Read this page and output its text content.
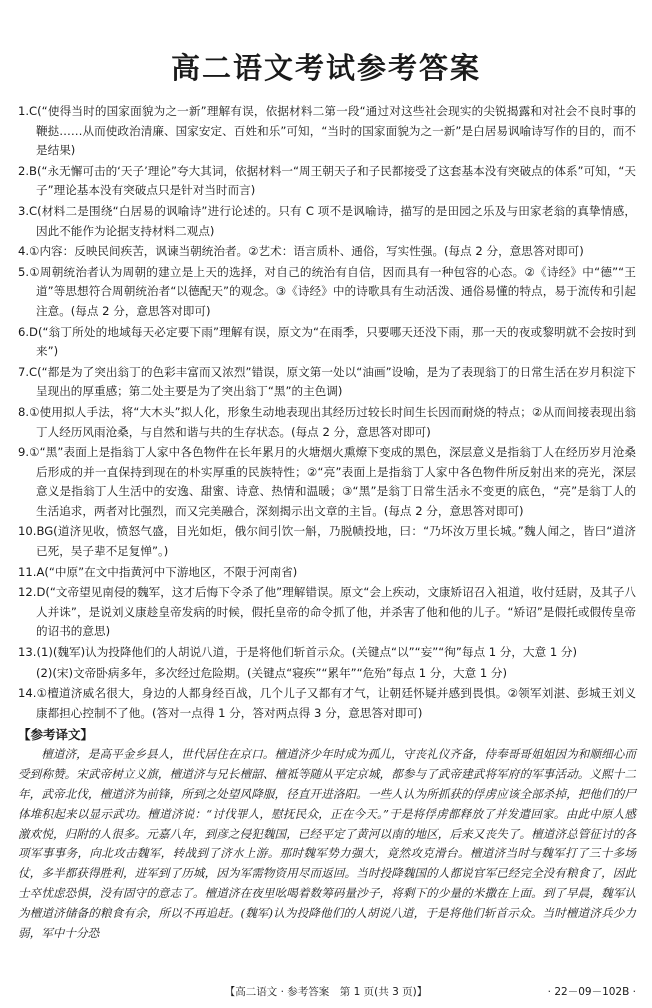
高二语文考试参考答案

1.C(“使得当时的国家面貌为之一新”理解有误，依据材料二第一段“通过对这些社会现实的尖锐揭露和对社会不良时事的鞭挞……从而使政治清廉、国家安定、百姓和乐”可知，“当时的国家面貌为之一新”是白居易讽喻诗写作的目的，而不是结果)

2.B(“永无懈可击的‘天子’理论”夸大其词，依据材料一“周王朝天子和子民都接受了这套基本没有突破点的体系”可知，“天子”理论基本没有突破点只是针对当时而言)

3.C(材料二是围绕“白居易的讽喻诗”进行论述的。只有 C 项不是讽喻诗，描写的是田园之乐及与田家老翁的真挚情感，因此不能作为论据支持材料二观点)

4.①内容：反映民间疾苦，讽谏当朝统治者。②艺术：语言质朴、通俗，写实性强。(每点 2 分，意思答对即可)

5.①周朝统治者认为周朝的建立是上天的选择，对自己的统治有自信，因而具有一种包容的心态。②《诗经》中“德”“王道”等思想符合周朝统治者“以德配天”的观念。③《诗经》中的诗歌具有生动活泼、通俗易懂的特点，易于流传和引起注意。(每点 2 分，意思答对即可)

6.D(“翁丁所处的地域每天必定要下雨”理解有误，原文为“在雨季，只要哪天还没下雨，那一天的夜或黎明就不会按时到来”)

7.C(“都是为了突出翁丁的色彩丰富而又浓烈”错误，原文第一处以“油画”设喻，是为了表现翁丁的日常生活在岁月积淀下呈现出的厚重感；第二处主要是为了突出翁丁“黑”的主色调)

8.①使用拟人手法，将“大木头”拟人化，形象生动地表现出其经历过较长时间生长因而耐烧的特点；②从而间接表现出翁丁人经历风雨沧桑，与自然和谐与共的生存状态。(每点 2 分，意思答对即可)

9.①“黑”表面上是指翁丁人家中各色物件在长年累月的火塘烟火熏燎下变成的黑色，深层意义是指翁丁人在经历岁月沧桑后形成的并一直保持到现在的朴实厚重的民族特性；②“亮”表面上是指翁丁人家中各色物件所反射出来的亮光，深层意义是指翁丁人生活中的安逸、甜蜜、诗意、热情和温暖；③“黑”是翁丁日常生活永不变更的底色，“亮”是翁丁人的生活追求，两者对比强烈，而又完美融合，深刻揭示出文章的主旨。(每点 2 分，意思答对即可)

10.BG(道济见收，愤怒气盛，目光如炬，俄尔间引饮一斛，乃脱帻投地，曰：“乃坏汝万里长城。”魏人闻之，皆曰“道济已死，吴子辈不足复惮”。)

11.A(“中原”在文中指黄河中下游地区，不限于河南省)

12.D(“文帝望见南侵的魏军，这才后悔下令杀了他”理解错误。原文“会上疾动，文康矫诏召入祖道，收付廷尉，及其子八人并诛”，是说刘义康趁皇帝发病的时候，假托皇帝的命令抓了他，并杀害了他和他的儿子。“矫诏”是假托或假传皇帝的诏书的意思)

13.(1)(魏军)认为投降他们的人胡说八道，于是将他们斩首示众。(关键点“以”“妄”“徇”每点 1 分，大意 1 分)

(2)(宋)文帝卧病多年，多次经过危险期。(关键点“寝疾”“累年”“危殆”每点 1 分，大意 1 分)

14.①檀道济威名很大，身边的人都身经百战，几个儿子又都有才气，让朝廷怀疑并感到畏惧。②领军刘湛、彭城王刘义康都担心控制不了他。(答对一点得 1 分，答对两点得 3 分，意思答对即可)

【参考译文】

檀道济，是高平金乡县人，世代居住在京口。檀道济少年时成为孤儿，守丧礼仪齐备，侍奉哥哥姐姐因为和顺细心而受到称赞。宋武帝树立义旗，檀道济与兄长檀韶、檀祗等随从平定京城，都参与了武帝建武将军府的军事活动。义熙十二年，武帝北伐，檀道济为前锋，所到之处望风降服，径直开进洛阳。一些人认为所抓获的俘虏应该全部杀掉，把他们的尸体堆积起来以显示武功。檀道济说：“讨伐罪人，慰抚民众，正在今天。”于是将俘虏都释放了并发遣回家。由此中原人感激欢悦，归附的人很多。元嘉八年，到彦之侵犯魏国，已经平定了黄河以南的地区，后来又丧失了。檀道济总管征讨的各项军事事务，向北攻击魏军，转战到了济水上游。那时魏军势力强大，竟然攻克滑台。檀道济当时与魏军打了三十多场仗，多半都获得胜利，进军到了历城，因为军需物资用尽而返回。当时投降魏国的人都说官军已经完全没有粮食了，因此士卒忧虑恐惧，没有固守的意志了。檀道济在夜里吆喝着数筹码量沙子，将剩下的少量的米撒在上面。到了早晨，魏军认为檀道济储备的粮食有余，所以不再追赶。(魏军)认为投降他们的人胡说八道，于是将他们斩首示众。当时檀道济兵少力弱，军中十分恐

【高二语文 · 参考答案　第 1 页(共 3 页)】	· 22－09－102B ·
